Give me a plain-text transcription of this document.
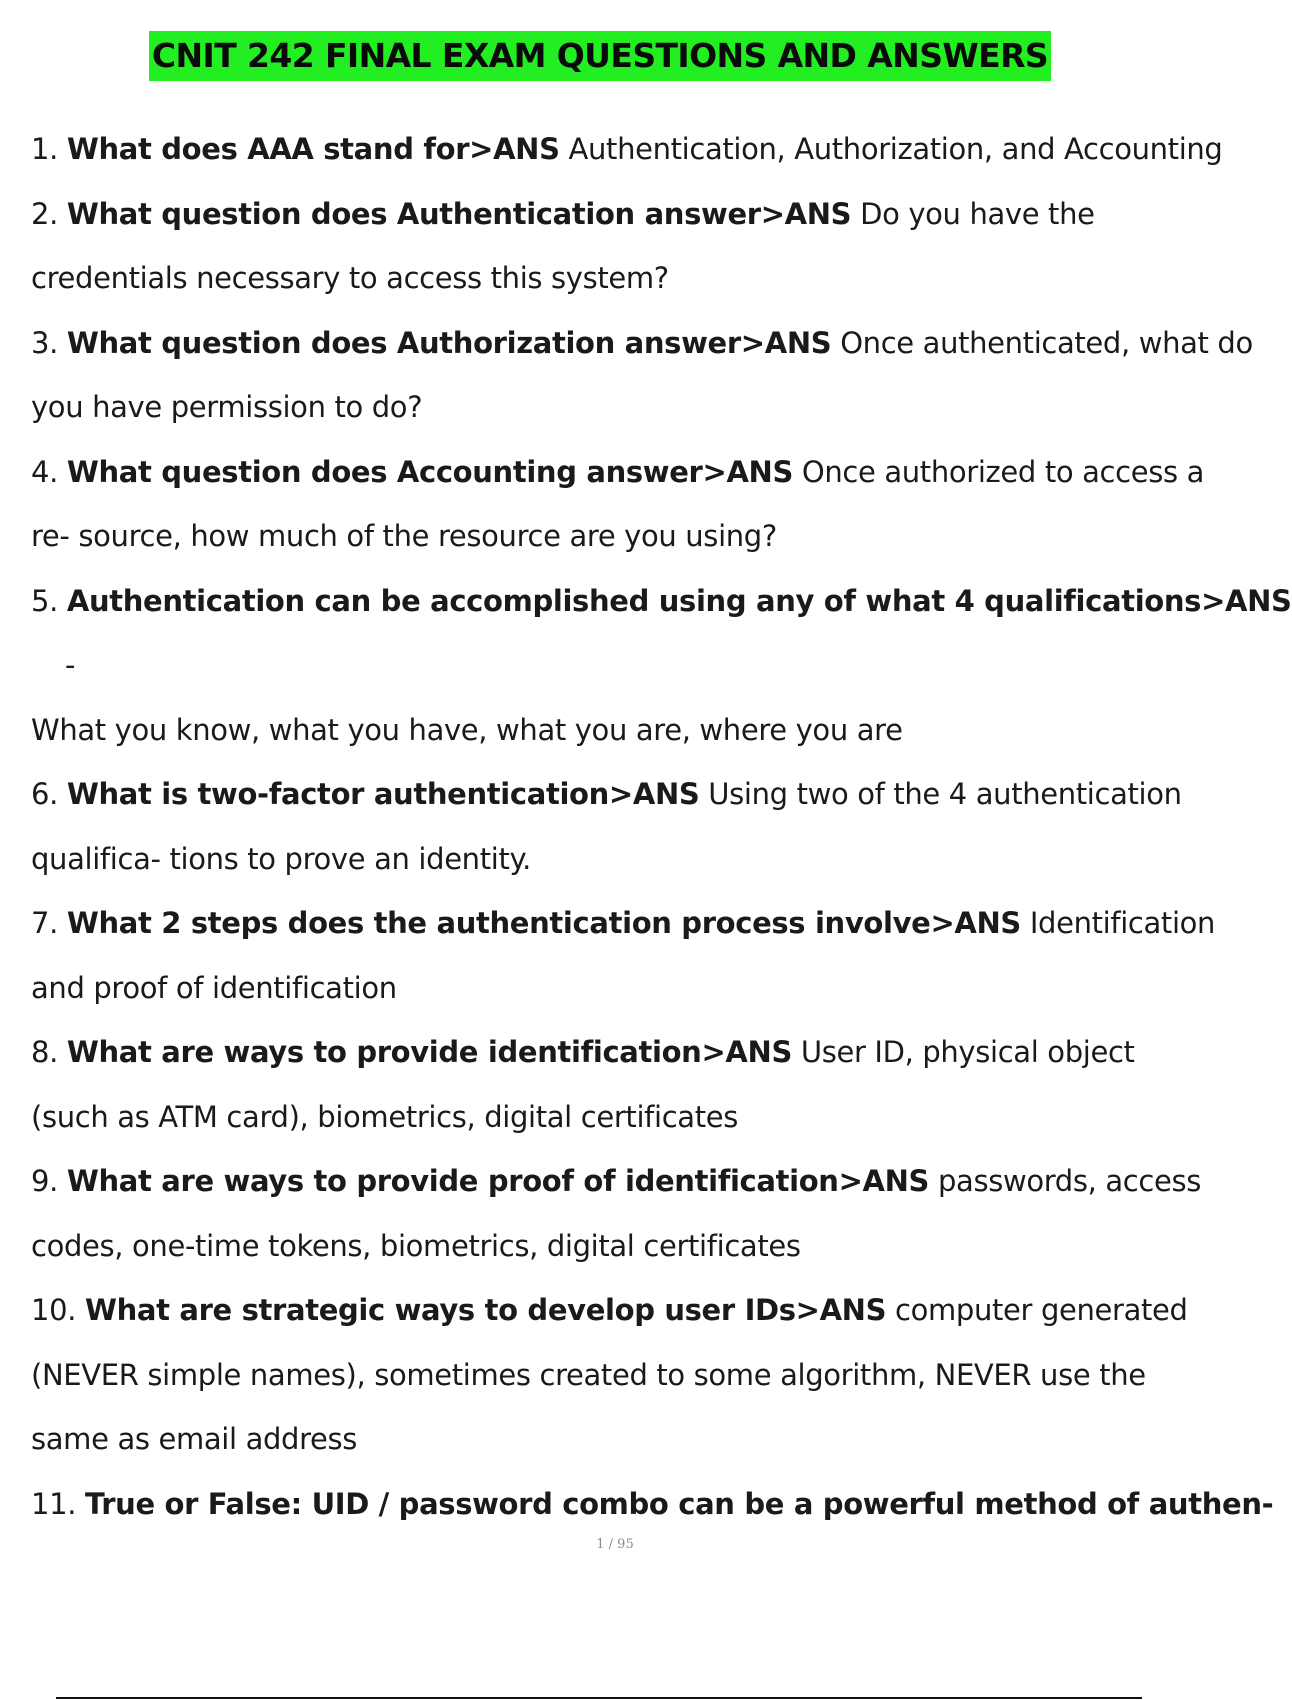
CNIT 242 FINAL EXAM QUESTIONS AND ANSWERS
1. What does AAA stand for>ANS Authentication, Authorization, and Accounting
2. What question does Authentication answer>ANS Do you have the
credentials necessary to access this system?
3. What question does Authorization answer>ANS Once authenticated, what do
you have permission to do?
4. What question does Accounting answer>ANS Once authorized to access a
re- source, how much of the resource are you using?
5. Authentication can be accomplished using any of what 4 qualifications>ANS
-
What you know, what you have, what you are, where you are
6. What is two-factor authentication>ANS Using two of the 4 authentication
qualifica- tions to prove an identity.
7. What 2 steps does the authentication process involve>ANS Identification
and proof of identification
8. What are ways to provide identification>ANS User ID, physical object
(such as ATM card), biometrics, digital certificates
9. What are ways to provide proof of identification>ANS passwords, access
codes, one-time tokens, biometrics, digital certificates
10. What are strategic ways to develop user IDs>ANS computer generated
(NEVER simple names), sometimes created to some algorithm, NEVER use the
same as email address
11. True or False: UID / password combo can be a powerful method of authen-
1 / 95
